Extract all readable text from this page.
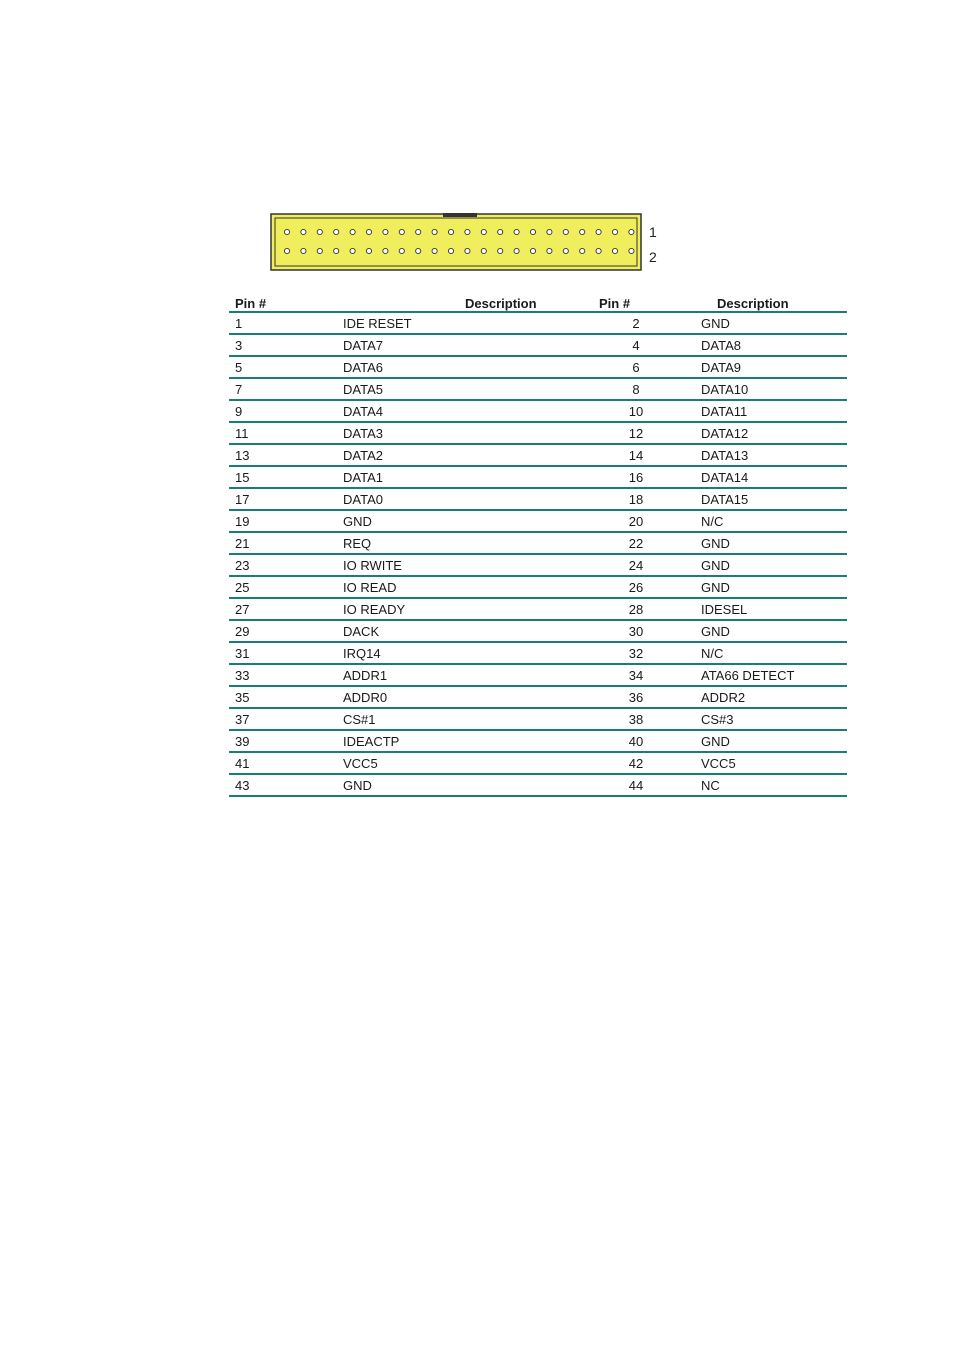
1
2
Pin #	Description	Pin #	Description
1	IDE RESET	2	GND
3	DATA7	4	DATA8
5	DATA6	6	DATA9
7	DATA5	8	DATA10
9	DATA4	10	DATA11
11	DATA3	12	DATA12
13	DATA2	14	DATA13
15	DATA1	16	DATA14
17	DATA0	18	DATA15
19	GND	20	N/C
21	REQ	22	GND
23	IO RWITE	24	GND
25	IO READ	26	GND
27	IO READY	28	IDESEL
29	DACK	30	GND
31	IRQ14	32	N/C
33	ADDR1	34	ATA66 DETECT
35	ADDR0	36	ADDR2
37	CS#1	38	CS#3
39	IDEACTP	40	GND
41	VCC5	42	VCC5
43	GND	44	NC
